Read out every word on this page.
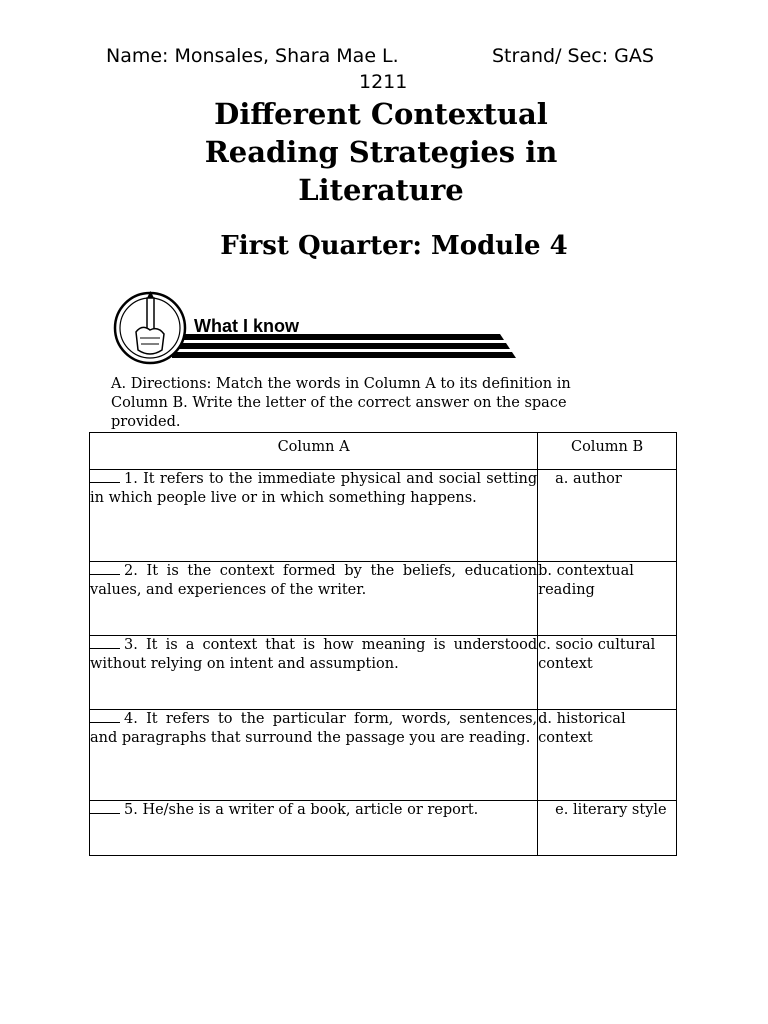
Name: Monsales, Shara Mae L.	Strand/ Sec: GAS
1211
Different Contextual Reading Strategies in Literature
First Quarter: Module 4
What I know
A. Directions: Match the words in Column A to its definition in Column B. Write the letter of the correct answer on the space provided.
Column A	Column B
1. It refers to the immediate physical and social setting in which people live or in which something happens.	a. author
2. It is the context formed by the beliefs, education values, and experiences of the writer.	b. contextual reading
3. It is a context that is how meaning is understood without relying on intent and assumption.	c. socio cultural context
4. It refers to the particular form, words, sentences, and paragraphs that surround the passage you are reading.	d. historical context
5. He/she is a writer of a book, article or report.	e. literary style
